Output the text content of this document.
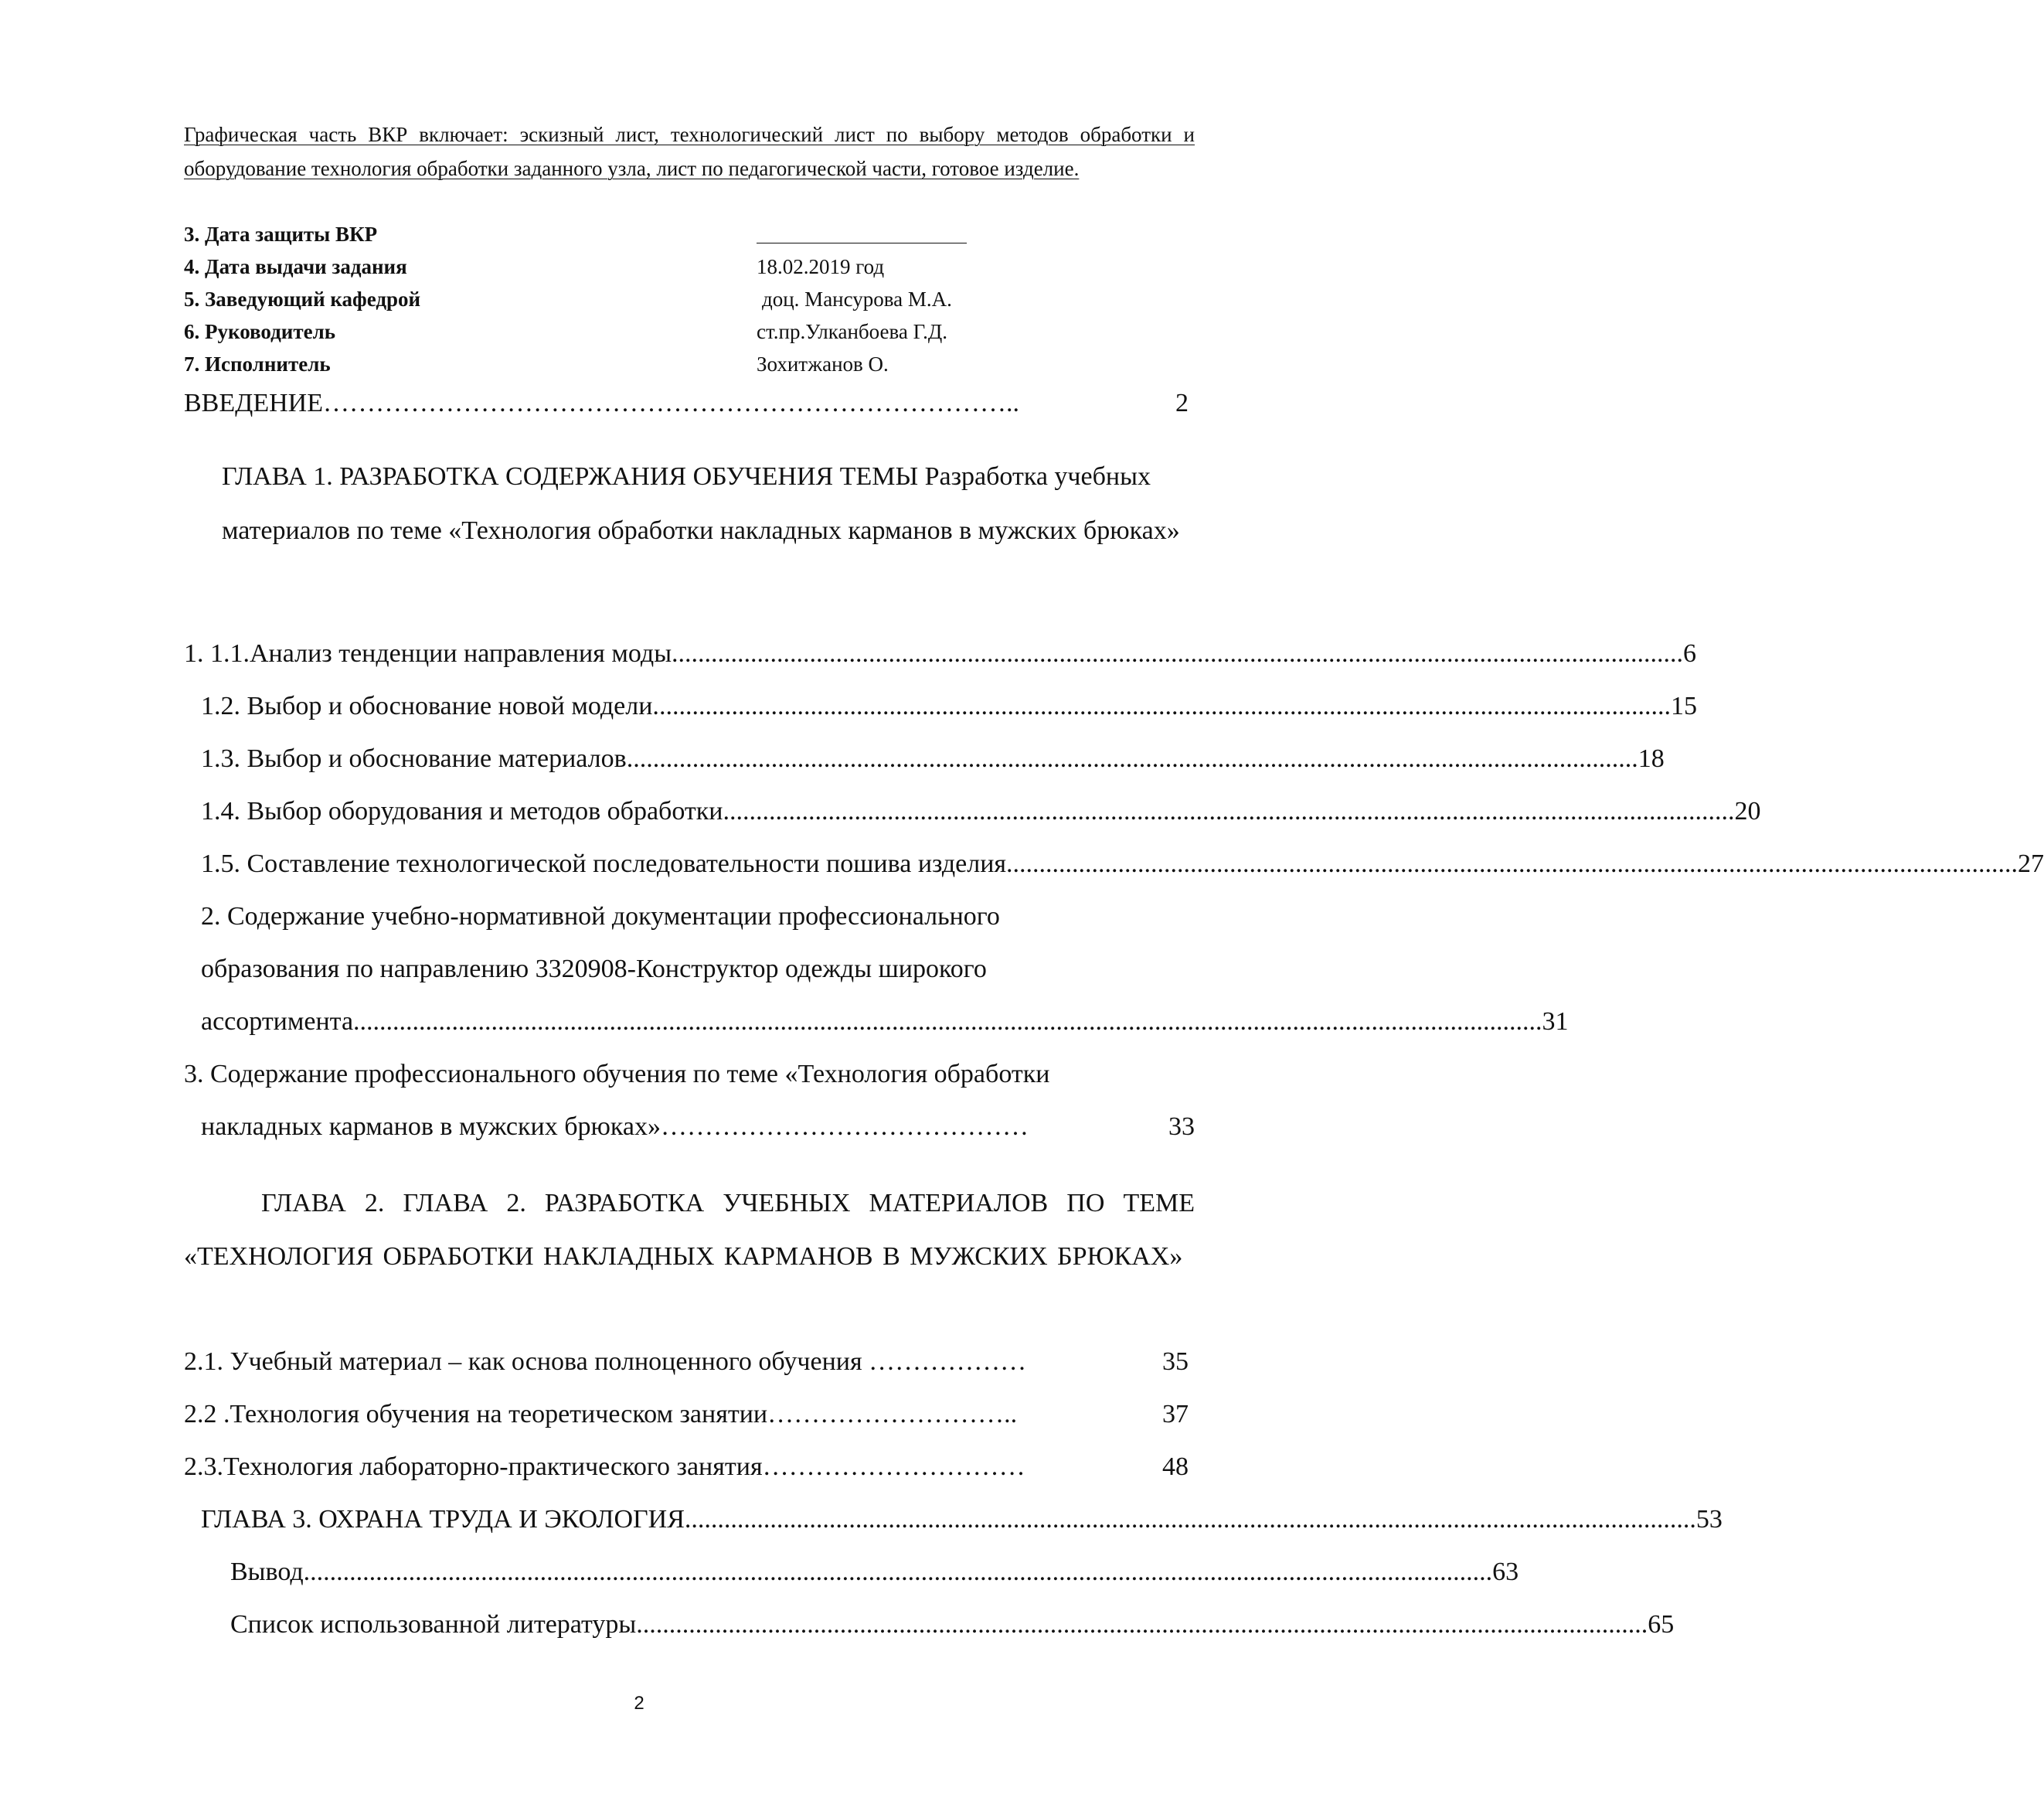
Графическая часть ВКР включает: эскизный лист, технологический лист по выбору методов обработки и оборудование технология обработки заданного узла, лист по педагогической части, готовое изделие.
3. Дата защиты ВКР
4. Дата выдачи задания	18.02.2019 год
5. Заведующий кафедрой	доц. Мансурова М.А.
6. Руководитель	ст.пр.Улканбоева Г.Д.
7. Исполнитель	Зохитжанов О.
ВВЕДЕНИЕ ……………………………………………………………………..	2
ГЛАВА 1. РАЗРАБОТКА СОДЕРЖАНИЯ ОБУЧЕНИЯ ТЕМЫ Разработка учебных материалов по теме «Технология обработки накладных карманов в мужских брюках»
1. 1.1.Анализ тенденции направления моды .......................................................................................................................................................... 6
1.2. Выбор и обоснование новой модели. .......................................................................................................................................................... 15
1.3. Выбор и обоснование материалов .......................................................................................................................................................... 18
1.4. Выбор оборудования и методов обработки .......................................................................................................................................................... 20
1.5. Составление технологической последовательности пошива изделия .......................................................................................................................................................... 27
2. Содержание учебно-нормативной документации профессионального
образования по направлению 3320908-Конструктор одежды широкого
ассортимента ..................................................................................................................................................................................... 31
3. Содержание профессионального обучения по теме «Технология обработки
накладных карманов в мужских брюках» ……………………………………	33
ГЛАВА 2. ГЛАВА 2. РАЗРАБОТКА УЧЕБНЫХ МАТЕРИАЛОВ ПО ТЕМЕ «ТЕХНОЛОГИЯ ОБРАБОТКИ НАКЛАДНЫХ КАРМАНОВ В МУЖСКИХ БРЮКАХ»
2.1. Учебный материал – как основа полноценного обучения ………………	35
2.2 .Технология обучения на теоретическом занятии ………………………..	37
2.3.Технология лабораторно-практического занятия …………………………	48
ГЛАВА 3. ОХРАНА ТРУДА И ЭКОЛОГИЯ .......................................................................................................................................................... 53
Вывод ..................................................................................................................................................................................... 63
Список использованной литературы .......................................................................................................................................................... 65
2
